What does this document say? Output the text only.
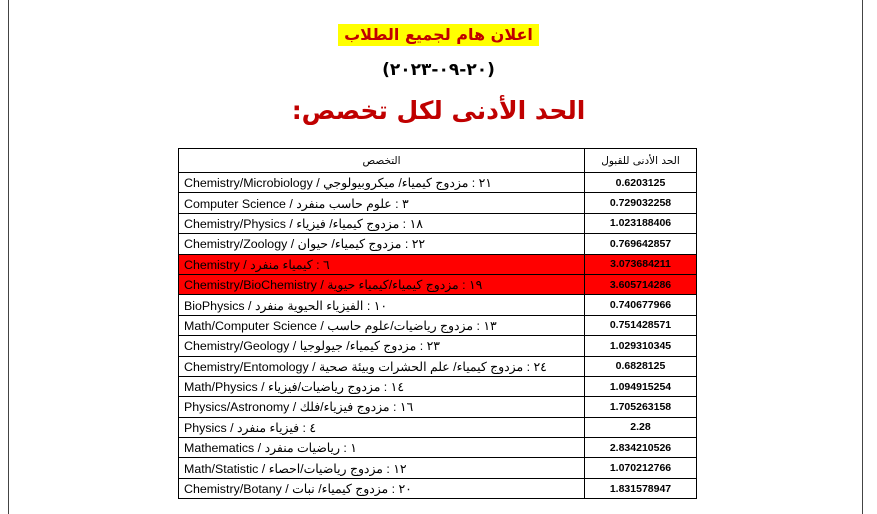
اعلان هام لجميع الطلاب
(٢٠-٠٩-٢٠٢٣)
الحد الأدنى لكل تخصص:
التخصص	الحد الأدنى للقبول
Chemistry/Microbiology / ٢١ : مزدوج كيمياء/ ميكروبيولوجي	0.6203125
Computer Science / ٣ : علوم حاسب منفرد	0.729032258
Chemistry/Physics / ١٨ : مزدوج كيمياء/ فيزياء	1.023188406
Chemistry/Zoology / ٢٢ : مزدوج كيمياء/ حيوان	0.769642857
Chemistry / ٦ : كيمياء منفرد	3.073684211
Chemistry/BioChemistry / ١٩ : مزدوج كيمياء/كيمياء حيوية	3.605714286
BioPhysics / ١٠ : الفيزياء الحيوية منفرد	0.740677966
Math/Computer Science / ١٣ : مزدوج رياضيات/علوم حاسب	0.751428571
Chemistry/Geology / ٢٣ : مزدوج كيمياء/ جيولوجيا	1.029310345
Chemistry/Entomology / ٢٤ : مزدوج كيمياء/ علم الحشرات وبيئة صحية	0.6828125
Math/Physics / ١٤ : مزدوج رياضيات/فيزياء	1.094915254
Physics/Astronomy / ١٦ : مزدوج فيزياء/فلك	1.705263158
Physics / ٤ : فيزياء منفرد	2.28
Mathematics / ١ : رياضيات منفرد	2.834210526
Math/Statistic / ١٢ : مزدوج رياضيات/احصاء	1.070212766
Chemistry/Botany / ٢٠ : مزدوج كيمياء/ نبات	1.831578947
